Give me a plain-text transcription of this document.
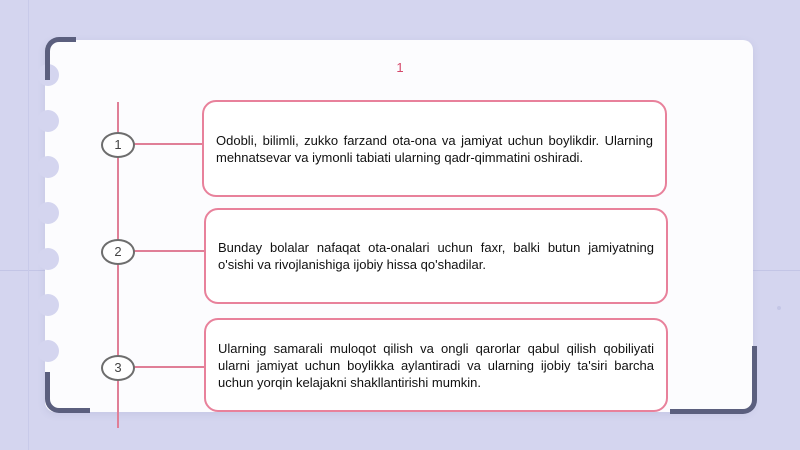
1
1	Odobli, bilimli, zukko farzand ota-ona va jamiyat uchun boylikdir. Ularning mehnatsevar va iymonli tabiati ularning qadr-qimmatini oshiradi.
2	Bunday bolalar nafaqat ota-onalari uchun faxr, balki butun jamiyatning o'sishi va rivojlanishiga ijobiy hissa qo'shadilar.
3
Ularning samarali muloqot qilish va ongli qarorlar qabul qilish qobiliyati ularni jamiyat uchun boylikka aylantiradi va ularning ijobiy ta'siri barcha uchun yorqin kelajakni shakllantirishi mumkin.
